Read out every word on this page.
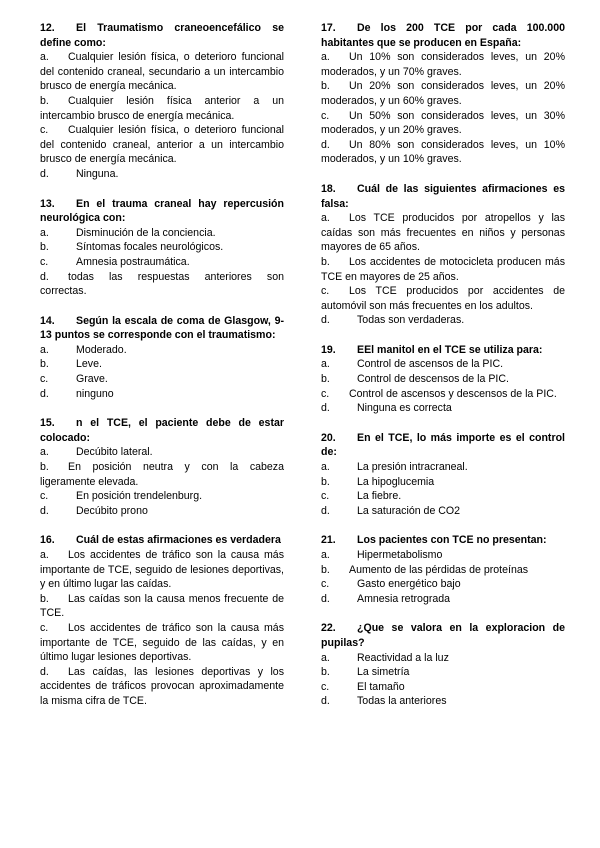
12. El Traumatismo craneoencefálico se define como:
a. Cualquier lesión física, o deterioro funcional del contenido craneal, secundario a un intercambio brusco de energía mecánica.
b. Cualquier lesión física anterior a un intercambio brusco de energía mecánica.
c. Cualquier lesión física, o deterioro funcional del contenido craneal, anterior a un intercambio brusco de energía mecánica.
d.	Ninguna.
13. En el trauma craneal hay repercusión neurológica con:
a.	Disminución de la conciencia.
b.	Síntomas focales neurológicos.
c.	Amnesia postraumática.
d. todas las respuestas anteriores son correctas.
14. Según la escala de coma de Glasgow, 9-13 puntos se corresponde con el traumatismo:
a.	Moderado.
b.	Leve.
c.	Grave.
d.	ninguno
15. n el TCE, el paciente debe de estar colocado:
a.	Decúbito lateral.
b. En posición neutra y con la cabeza ligeramente elevada.
c.	En posición trendelenburg.
d.	Decúbito prono
16. Cuál de estas afirmaciones es verdadera
a. Los accidentes de tráfico son la causa más importante de TCE, seguido de lesiones deportivas, y en último lugar las caídas.
b. Las caídas son la causa menos frecuente de TCE.
c. Los accidentes de tráfico son la causa más importante de TCE, seguido de las caídas, y en último lugar lesiones deportivas.
d. Las caídas, las lesiones deportivas y los accidentes de tráficos provocan aproximadamente la misma cifra de TCE.
17. De los 200 TCE por cada 100.000 habitantes que se producen en España:
a. Un 10% son considerados leves, un 20% moderados, y un 70% graves.
b. Un 20% son considerados leves, un 20% moderados, y un 60% graves.
c. Un 50% son considerados leves, un 30% moderados, y un 20% graves.
d. Un 80% son considerados leves, un 10% moderados, y un 10% graves.
18. Cuál de las siguientes afirmaciones es falsa:
a. Los TCE producidos por atropellos y las caídas son más frecuentes en niños y personas mayores de 65 años.
b. Los accidentes de motocicleta producen más TCE en mayores de 25 años.
c. Los TCE producidos por accidentes de automóvil son más frecuentes en los adultos.
d.	Todas son verdaderas.
19. EEl manitol en el TCE se utiliza para:
a.	Control de ascensos de la PIC.
b.	Control de descensos de la PIC.
c. Control de ascensos y descensos de la PIC.
d.	Ninguna es correcta
20. En el TCE, lo más importe es el control de:
a.	La presión intracraneal.
b.	La hipoglucemia
c.	La fiebre.
d.	La saturación de CO2
21. Los pacientes con TCE no presentan:
a.	Hipermetabolismo
b. Aumento de las pérdidas de proteínas
c.	Gasto energético bajo
d.	Amnesia retrograda
22. ¿Que se valora en la exploracion de pupilas?
a.	Reactividad a la luz
b.	La simetría
c.	El tamaño
d.	Todas la anteriores
